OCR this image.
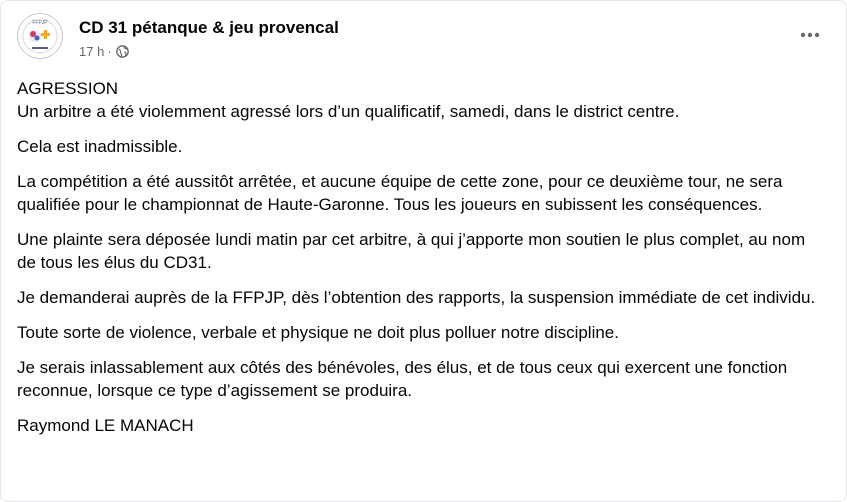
FFPJP CD 31 pétanque & jeu provencal
17 h ·

AGRESSION
Un arbitre a été violemment agressé lors d’un qualificatif, samedi, dans le district centre.

Cela est inadmissible.

La compétition a été aussitôt arrêtée, et aucune équipe de cette zone, pour ce deuxième tour, ne sera qualifiée pour le championnat de Haute-Garonne. Tous les joueurs en subissent les conséquences.

Une plainte sera déposée lundi matin par cet arbitre, à qui j’apporte mon soutien le plus complet, au nom de tous les élus du CD31.

Je demanderai auprès de la FFPJP, dès l’obtention des rapports, la suspension immédiate de cet individu.

Toute sorte de violence, verbale et physique ne doit plus polluer notre discipline.

Je serais inlassablement aux côtés des bénévoles, des élus, et de tous ceux qui exercent une fonction reconnue, lorsque ce type d’agissement se produira.

Raymond LE MANACH
